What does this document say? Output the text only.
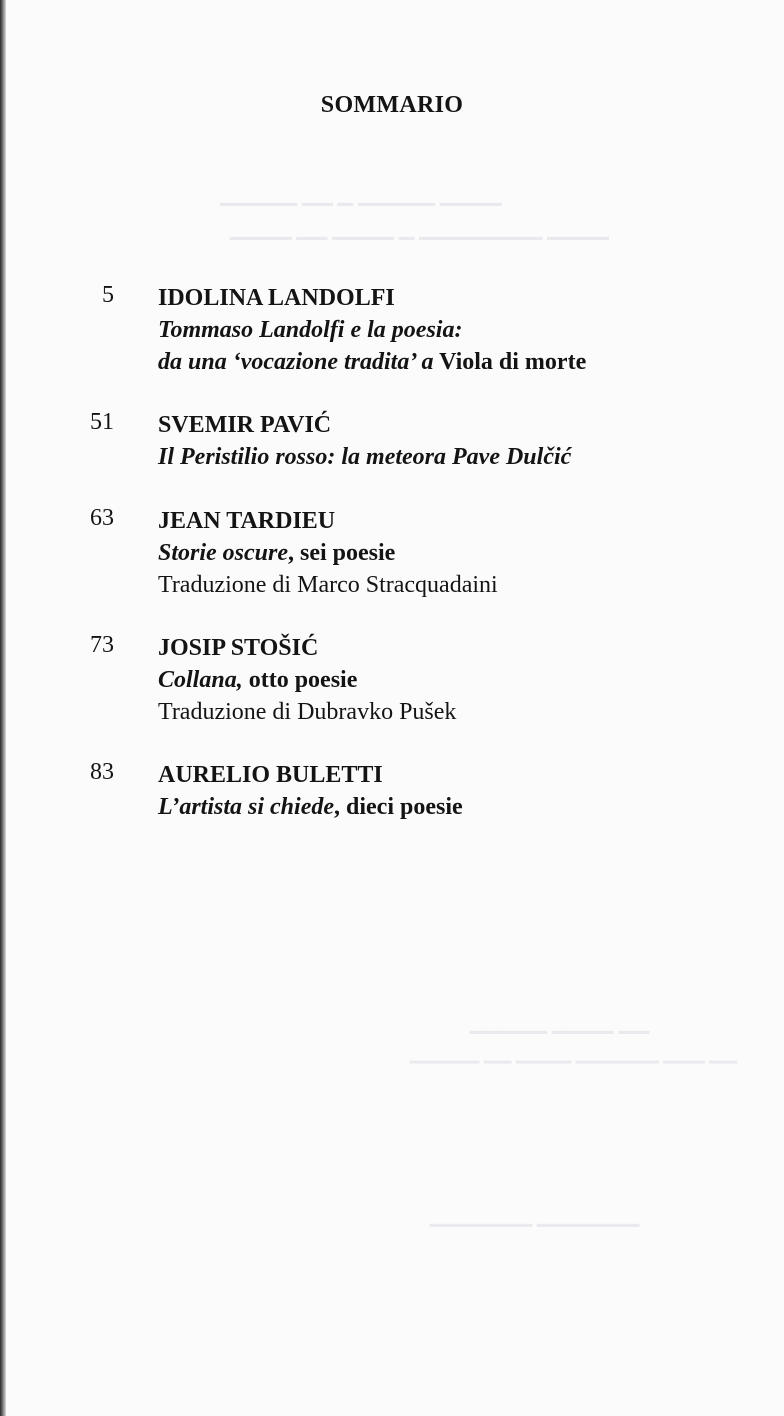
▁▁▁▁ ▁▁▁▁▁ ▁ ▁▁ ▁▁▁▁▁
▁▁▁▁ ▁▁▁▁▁▁▁▁ ▁ ▁▁▁▁ ▁▁ ▁▁▁▁
▁▁ ▁▁▁▁ ▁▁▁▁▁
▁▁ ▁▁▁ ▁▁▁▁▁▁ ▁▁▁▁ ▁▁ ▁▁▁▁▁
▁▁▁▁▁▁▁ ▁▁▁▁▁▁▁
SOMMARIO
5 IDOLINA LANDOLFI
Tommaso Landolfi e la poesia:
da una ‘vocazione tradita’ a Viola di morte
51 SVEMIR PAVIĆ
Il Peristilio rosso: la meteora Pave Dulčić
63 JEAN TARDIEU
Storie oscure, sei poesie
Traduzione di Marco Stracquadaini
73 JOSIP STOŠIĆ
Collana, otto poesie
Traduzione di Dubravko Pušek
83 AURELIO BULETTI
L’artista si chiede, dieci poesie
